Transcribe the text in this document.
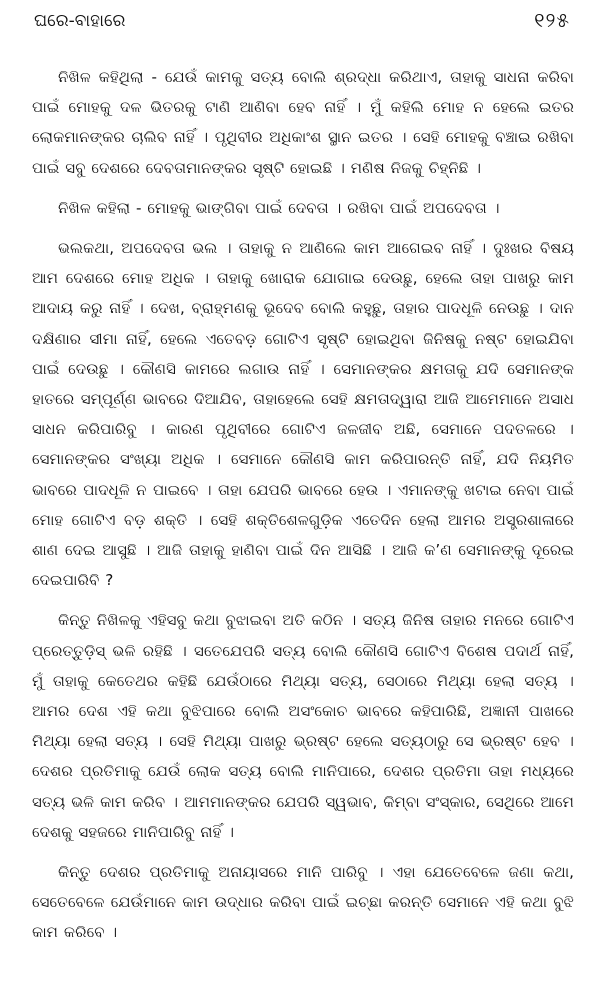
ଘରେ-ବାହାରେ	୧୨୫

ନିଖିଳ କହିଥିଲା - ଯେଉଁ କାମକୁ ସତ୍ୟ ବୋଲି ଶ୍ରଦ୍ଧା କରିଥାଏ, ତାହାକୁ ସାଧନା କରିବା ପାଇଁ ମୋହକୁ ଦଳ ଭିତରକୁ ଟାଣି ଆଣିବା ହେବ ନାହିଁ । ମୁଁ କହିଲି ମୋହ ନ ହେଲେ ଇତର ଲୋକମାନଙ୍କର ଚାଲିବ ନାହିଁ । ପୃଥିବୀର ଅଧିକାଂଶ ସ୍ଥାନ ଇତର । ସେହି ମୋହକୁ ବଞ୍ଚାଇ ରଖିବା ପାଇଁ ସବୁ ଦେଶରେ ଦେବତାମାନଙ୍କର ସୃଷ୍ଟି ହୋଇଛି । ମଣିଷ ନିଜକୁ ଚିହ୍ନିଛି ।

ନିଖିଳ କହିଲା - ମୋହକୁ ଭାଙ୍ଗିବା ପାଇଁ ଦେବତା । ରଖିବା ପାଇଁ ଅପଦେବତା ।

ଭଲକଥା, ଅପଦେବତା ଭଲ । ତାହାକୁ ନ ଆଣିଲେ କାମ ଆଗେଇବ ନାହିଁ । ଦୁଃଖର ବିଷୟ ଆମ ଦେଶରେ ମୋହ ଅଧିକ । ତାହାକୁ ଖୋରାକ ଯୋଗାଇ ଦେଉଛୁ, ହେଲେ ତାହା ପାଖରୁ କାମ ଆଦାୟ କରୁ ନାହିଁ । ଦେଖ, ବ୍ରାହ୍ମଣକୁ ଭୂଦେବ ବୋଲି କହୁଛୁ, ତାହାର ପାଦଧୂଳି ନେଉଛୁ । ଦାନ ଦକ୍ଷିଣାର ସୀମା ନାହିଁ, ହେଲେ ଏତେବଡ଼ ଗୋଟିଏ ସୃଷ୍ଟି ହୋଇଥିବା ଜିନିଷକୁ ନଷ୍ଟ ହୋଇଯିବା ପାଇଁ ଦେଉଛୁ । କୌଣସି କାମରେ ଲଗାଉ ନାହିଁ । ସେମାନଙ୍କର କ୍ଷମତାକୁ ଯଦି ସେମାନଙ୍କ ହାତରେ ସମ୍ପୂର୍ଣ୍ଣ ଭାବରେ ଦିଆଯିବ, ତାହାହେଲେ ସେହି କ୍ଷମତାଦ୍ୱାରା ଆଜି ଆମେମାନେ ଅସାଧ ସାଧନ କରିପାରିବୁ । କାରଣ ପୃଥିବୀରେ ଗୋଟିଏ ଜଳଜୀବ ଅଛି, ସେମାନେ ପଦତଳରେ । ସେମାନଙ୍କର ସଂଖ୍ୟା ଅଧିକ । ସେମାନେ କୌଣସି କାମ କରିପାରନ୍ତି ନାହିଁ, ଯଦି ନିୟମିତ ଭାବରେ ପାଦଧୂଳି ନ ପାଇବେ । ତାହା ଯେପରି ଭାବରେ ହେଉ । ଏମାନଙ୍କୁ ଖଟାଇ ନେବା ପାଇଁ ମୋହ ଗୋଟିଏ ବଡ଼ ଶକ୍ତି । ସେହି ଶକ୍ତିଶେଳଗୁଡ଼ିକ ଏତେଦିନ ହେଲା ଆମର ଅସ୍ତ୍ରଶାଳାରେ ଶାଣ ଦେଇ ଆସୁଛି । ଆଜି ତାହାକୁ ହାଣିବା ପାଇଁ ଦିନ ଆସିଛି । ଆଜି କ’ଣ ସେମାନଙ୍କୁ ଦୂରେଇ ଦେଇପାରିବି ?

କିନ୍ତୁ ନିଖିଳକୁ ଏହିସବୁ କଥା ବୁଝାଇବା ଅତି କଠିନ । ସତ୍ୟ ଜିନିଷ ତାହାର ମନରେ ଗୋଟିଏ ପ୍ରେତ୍ତୁଡ଼ିସ୍ ଭଳି ରହିଛି । ସତେଯେପରି ସତ୍ୟ ବୋଲି କୌଣସି ଗୋଟିଏ ବିଶେଷ ପଦାର୍ଥ ନାହିଁ, ମୁଁ ତାହାକୁ କେତେଥର କହିଛି ଯେଉଁଠାରେ ମିଥ୍ୟା ସତ୍ୟ, ସେଠାରେ ମିଥ୍ୟା ହେଲା ସତ୍ୟ । ଆମର ଦେଶ ଏହି କଥା ବୁଝିପାରେ ବୋଲି ଅସଂକୋଚ ଭାବରେ କହିପାରିଛି, ଅଜ୍ଞାନୀ ପାଖରେ ମିଥ୍ୟା ହେଲା ସତ୍ୟ । ସେହି ମିଥ୍ୟା ପାଖରୁ ଭ୍ରଷ୍ଟ ହେଲେ ସତ୍ୟଠାରୁ ସେ ଭ୍ରଷ୍ଟ ହେବ । ଦେଶର ପ୍ରତିମାକୁ ଯେଉଁ ଲୋକ ସତ୍ୟ ବୋଲି ମାନିପାରେ, ଦେଶର ପ୍ରତିମା ତାହା ମଧ୍ୟରେ ସତ୍ୟ ଭଳି କାମ କରିବ । ଆମମାନଙ୍କର ଯେପରି ସ୍ୱଭାବ, କିମ୍ବା ସଂସ୍କାର, ସେଥିରେ ଆମେ ଦେଶକୁ ସହଜରେ ମାନିପାରିବୁ ନାହିଁ ।

କିନ୍ତୁ ଦେଶର ପ୍ରତିମାକୁ ଅନାୟାସରେ ମାନି ପାରିବୁ । ଏହା ଯେତେବେଳେ ଜଣା କଥା, ସେତେବେଳେ ଯେଉଁମାନେ କାମ ଉଦ୍ଧାର କରିବା ପାଇଁ ଇଚ୍ଛା କରନ୍ତି ସେମାନେ ଏହି କଥା ବୁଝି କାମ କରିବେ ।
